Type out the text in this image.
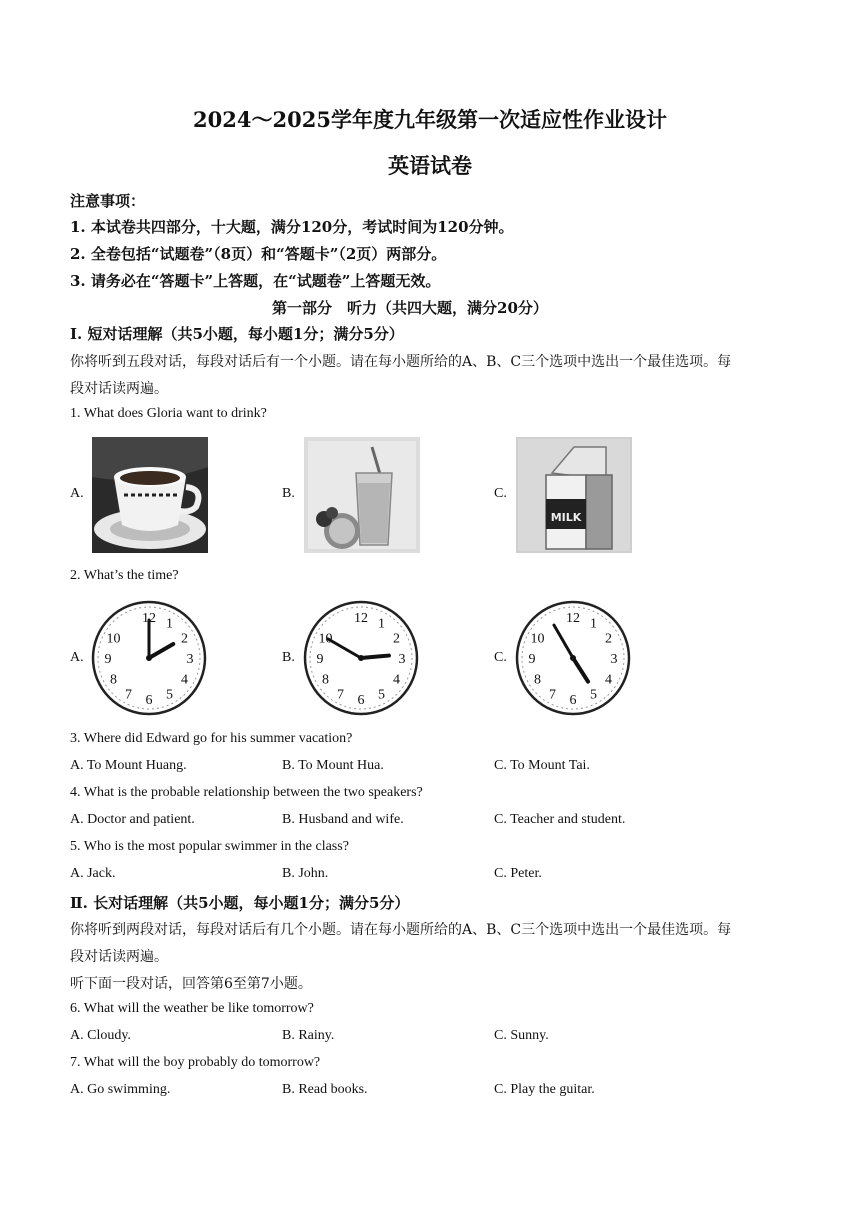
2024～2025学年度九年级第一次适应性作业设计
英语试卷
注意事项：
1. 本试卷共四部分，十大题，满分120分，考试时间为120分钟。
2. 全卷包括“试题卷”（8页）和“答题卡”（2页）两部分。
3. 请务必在“答题卡”上答题，在“试题卷”上答题无效。
第一部分　听力（共四大题，满分20分）
Ⅰ. 短对话理解（共5小题，每小题1分；满分5分）
你将听到五段对话，每段对话后有一个小题。请在每小题所给的A、B、C三个选项中选出一个最佳选项。每
段对话读两遍。
1. What does Gloria want to drink?
A.	B.	C.
MILK
2. What’s the time?
A.	B.	C.
12 1
2
3
4
5
6
7
8
9
10
12 1
2
3
4
5
6
7
8
9
10
12 1
2
3
4
5
6
7
8
9
10
3. Where did Edward go for his summer vacation?
A. To Mount Huang.	B. To Mount Hua.	C. To Mount Tai.
4. What is the probable relationship between the two speakers?
A. Doctor and patient.	B. Husband and wife.	C. Teacher and student.
5. Who is the most popular swimmer in the class?
A. Jack.	B. John.	C. Peter.
Ⅱ. 长对话理解（共5小题，每小题1分；满分5分）
你将听到两段对话，每段对话后有几个小题。请在每小题所给的A、B、C三个选项中选出一个最佳选项。每
段对话读两遍。
听下面一段对话，回答第6至第7小题。
6. What will the weather be like tomorrow?
A. Cloudy.	B. Rainy.	C. Sunny.
7. What will the boy probably do tomorrow?
A. Go swimming.	B. Read books.	C. Play the guitar.
